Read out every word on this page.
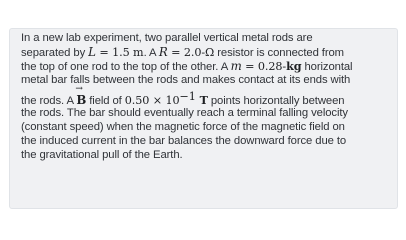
In a new lab experiment, two parallel vertical metal rods are
separated by L = 1.5 m. A R = 2.0-Ω resistor is connected from
the top of one rod to the top of the other. A m = 0.28-kg horizontal
metal bar falls between the rods and makes contact at its ends with

the rods. A
→
B field of $0.50 \times 10^{-1}$ T points horizontally between
the rods. The bar should eventually reach a terminal falling velocity
(constant speed) when the magnetic force of the magnetic field on
the induced current in the bar balances the downward force due to
the gravitational pull of the Earth.
